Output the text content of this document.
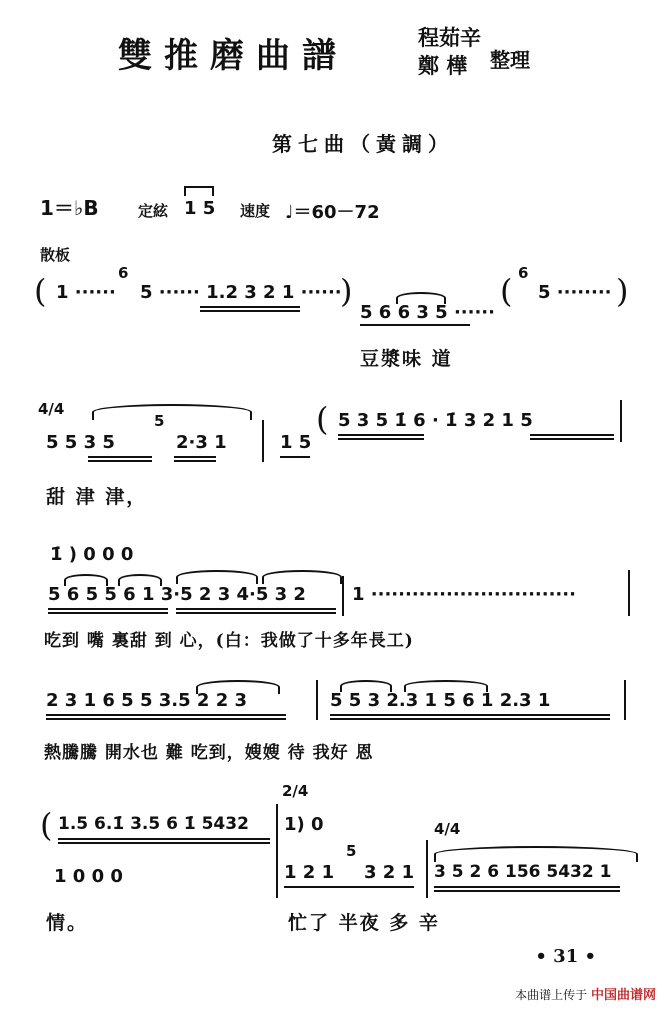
雙推磨曲譜	程茹辛
鄭 樺 整理
第七曲（黃調）
1＝♭B	定絃 1 5 速度 ♩＝60－72
散板
( 1 ······
6
5 ······ 1.2 3 2 1 ······
)
5 6 6 3 5 ······
( 6
5 ········ )
豆漿味 道
4/4
5 5 3 5
5
2·3 1	1 5
( 5 3 5 1̇ 6 · 1̇ 3 2 1 5
甜 津 津，
1̇ ) 0 0 0
5 6 5 5 6 1 3·5 2 3 4·5 3 2	1 ······························
吃到 嘴 裏甜 到 心，(白：我做了十多年長工)
2 3 1 6 5 5 3.5 2 2 3	5 5 3 2.3 1 5 6 1 2.3 1
熱騰騰 開水也 難 吃到，嫂嫂 待 我好 恩
( 1.5 6.1̇ 3.5 6 1̇ 5432
1 0 0 0
2/4
1) 0
1 2 1
5
3 2 1
4/4
3 5 2 6 156 5432 1
情。	忙了 半夜 多 辛
• 31 •
本曲谱上传于 中国曲谱网
